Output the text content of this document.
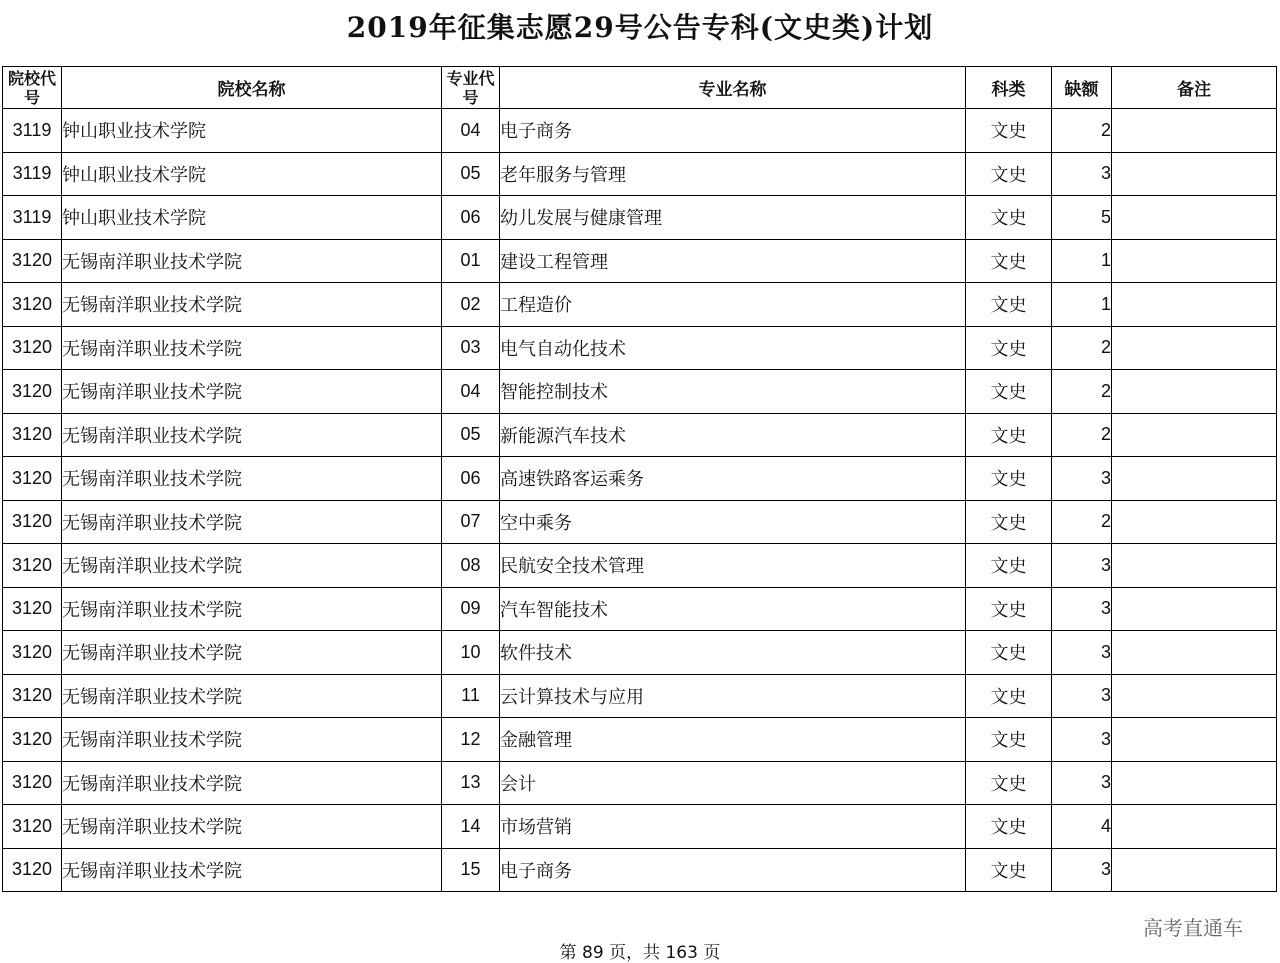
2019年征集志愿29号公告专科(文史类)计划
院校代号	院校名称	专业代号	专业名称	科类	缺额	备注
3119	钟山职业技术学院	04	电子商务	文史	2	
3119	钟山职业技术学院	05	老年服务与管理	文史	3	
3119	钟山职业技术学院	06	幼儿发展与健康管理	文史	5	
3120	无锡南洋职业技术学院	01	建设工程管理	文史	1	
3120	无锡南洋职业技术学院	02	工程造价	文史	1	
3120	无锡南洋职业技术学院	03	电气自动化技术	文史	2	
3120	无锡南洋职业技术学院	04	智能控制技术	文史	2	
3120	无锡南洋职业技术学院	05	新能源汽车技术	文史	2	
3120	无锡南洋职业技术学院	06	高速铁路客运乘务	文史	3	
3120	无锡南洋职业技术学院	07	空中乘务	文史	2	
3120	无锡南洋职业技术学院	08	民航安全技术管理	文史	3	
3120	无锡南洋职业技术学院	09	汽车智能技术	文史	3	
3120	无锡南洋职业技术学院	10	软件技术	文史	3	
3120	无锡南洋职业技术学院	11	云计算技术与应用	文史	3	
3120	无锡南洋职业技术学院	12	金融管理	文史	3	
3120	无锡南洋职业技术学院	13	会计	文史	3	
3120	无锡南洋职业技术学院	14	市场营销	文史	4	
3120	无锡南洋职业技术学院	15	电子商务	文史	3	
高考直通车
第 89 页，共 163 页
